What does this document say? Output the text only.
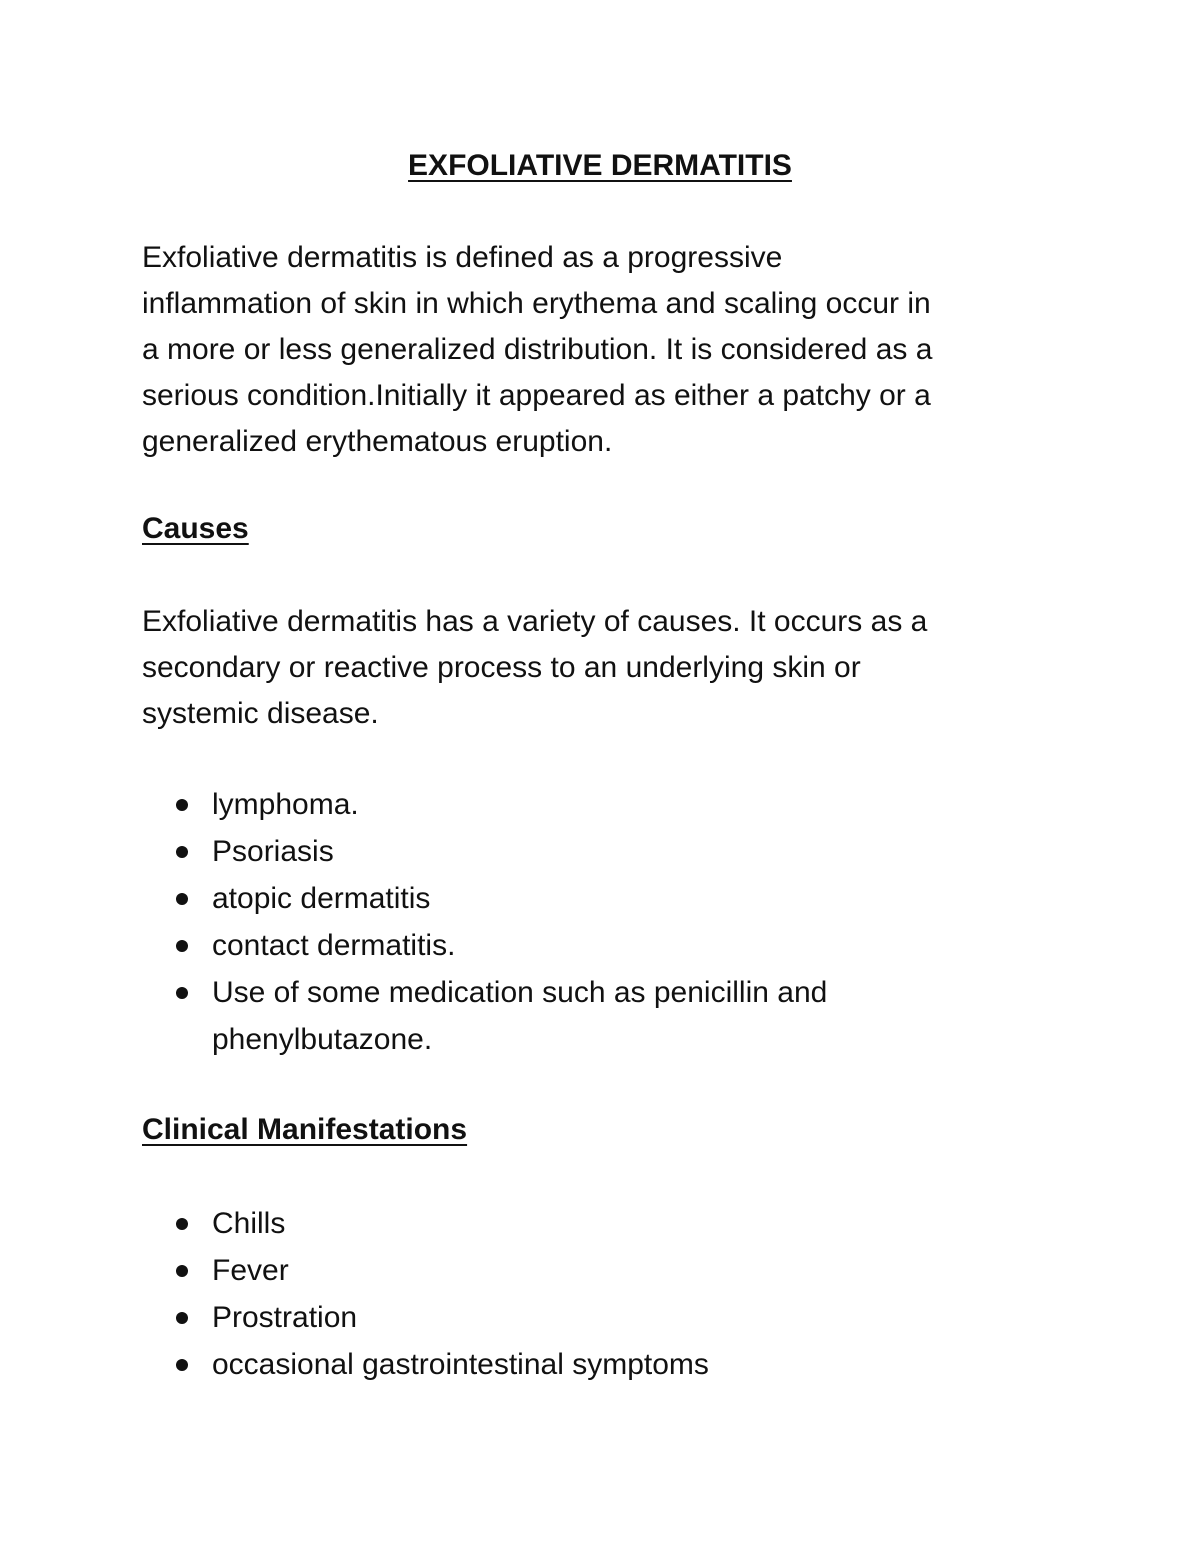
EXFOLIATIVE DERMATITIS

Exfoliative dermatitis is defined as a progressive
inflammation of skin in which erythema and scaling occur in
a more or less generalized distribution. It is considered as a
serious condition.Initially it appeared as either a patchy or a
generalized erythematous eruption.

Causes

Exfoliative dermatitis has a variety of causes. It occurs as a
secondary or reactive process to an underlying skin or
systemic disease.

lymphoma.
Psoriasis
atopic dermatitis
contact dermatitis.
Use of some medication such as penicillin and
phenylbutazone.
Clinical Manifestations
Chills
Fever
Prostration
occasional gastrointestinal symptoms
